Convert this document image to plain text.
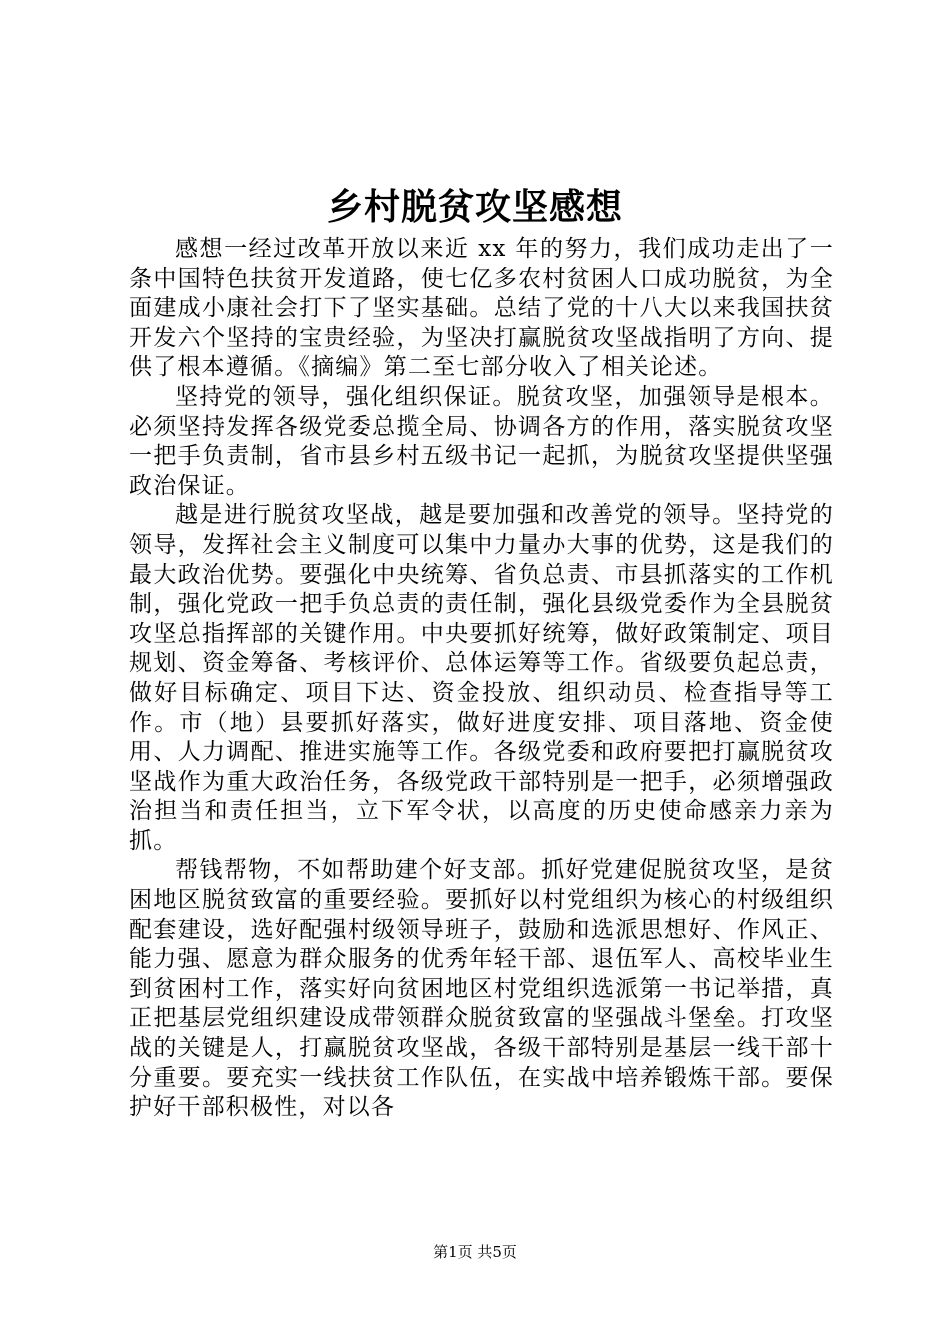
乡村脱贫攻坚感想

感想一经过改革开放以来近 xx 年的努力，我们成功走出了一条中国特色扶贫开发道路，使七亿多农村贫困人口成功脱贫，为全面建成小康社会打下了坚实基础。总结了党的十八大以来我国扶贫开发六个坚持的宝贵经验，为坚决打赢脱贫攻坚战指明了方向、提供了根本遵循。《摘编》第二至七部分收入了相关论述。

坚持党的领导，强化组织保证。脱贫攻坚，加强领导是根本。必须坚持发挥各级党委总揽全局、协调各方的作用，落实脱贫攻坚一把手负责制，省市县乡村五级书记一起抓，为脱贫攻坚提供坚强政治保证。

越是进行脱贫攻坚战，越是要加强和改善党的领导。坚持党的领导，发挥社会主义制度可以集中力量办大事的优势，这是我们的最大政治优势。要强化中央统筹、省负总责、市县抓落实的工作机制，强化党政一把手负总责的责任制，强化县级党委作为全县脱贫攻坚总指挥部的关键作用。中央要抓好统筹，做好政策制定、项目规划、资金筹备、考核评价、总体运筹等工作。省级要负起总责，做好目标确定、项目下达、资金投放、组织动员、检查指导等工作。市（地）县要抓好落实，做好进度安排、项目落地、资金使用、人力调配、推进实施等工作。各级党委和政府要把打赢脱贫攻坚战作为重大政治任务，各级党政干部特别是一把手，必须增强政治担当和责任担当，立下军令状，以高度的历史使命感亲力亲为抓。

帮钱帮物，不如帮助建个好支部。抓好党建促脱贫攻坚，是贫困地区脱贫致富的重要经验。要抓好以村党组织为核心的村级组织配套建设，选好配强村级领导班子，鼓励和选派思想好、作风正、能力强、愿意为群众服务的优秀年轻干部、退伍军人、高校毕业生到贫困村工作，落实好向贫困地区村党组织选派第一书记举措，真正把基层党组织建设成带领群众脱贫致富的坚强战斗堡垒。打攻坚战的关键是人，打赢脱贫攻坚战，各级干部特别是基层一线干部十分重要。要充实一线扶贫工作队伍，在实战中培养锻炼干部。要保护好干部积极性，对以各

第1页 共5页
